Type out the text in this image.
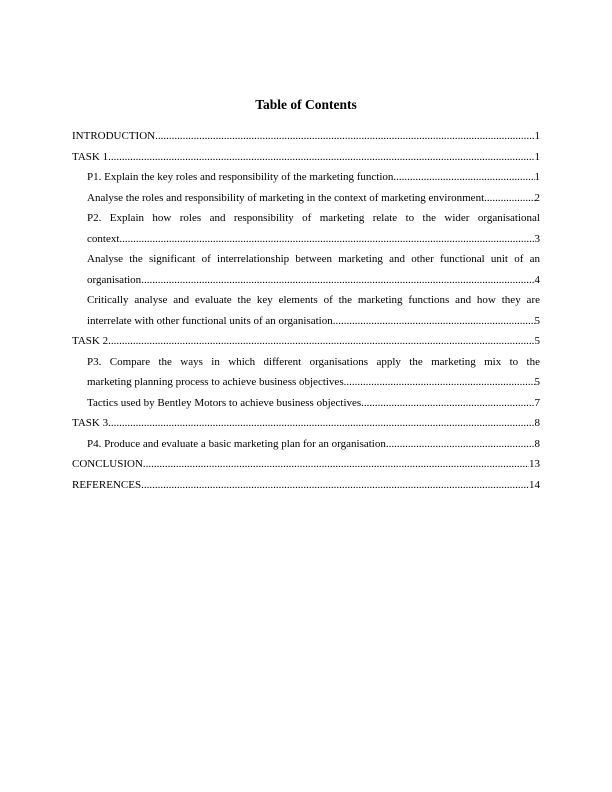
Table of Contents
INTRODUCTION .....	1
TASK 1 .....	1
P1. Explain the key roles and responsibility of the marketing function .....	1
Analyse the roles and responsibility of marketing in the context of marketing environment .....	2
P2. Explain how roles and responsibility of marketing relate to the wider organisational
context .....	3
Analyse the significant of interrelationship between marketing and other functional unit of an
organisation .....	4
Critically analyse and evaluate the key elements of the marketing functions and how they are
interrelate with other functional units of an organisation .....	5
TASK 2 .....	5
P3. Compare the ways in which different organisations apply the marketing mix to the
marketing planning process to achieve business objectives .....	5
Tactics used by Bentley Motors to achieve business objectives .....	7
TASK 3 .....	8
P4. Produce and evaluate a basic marketing plan for an organisation .....	8
CONCLUSION .....	13
REFERENCES .....	14
